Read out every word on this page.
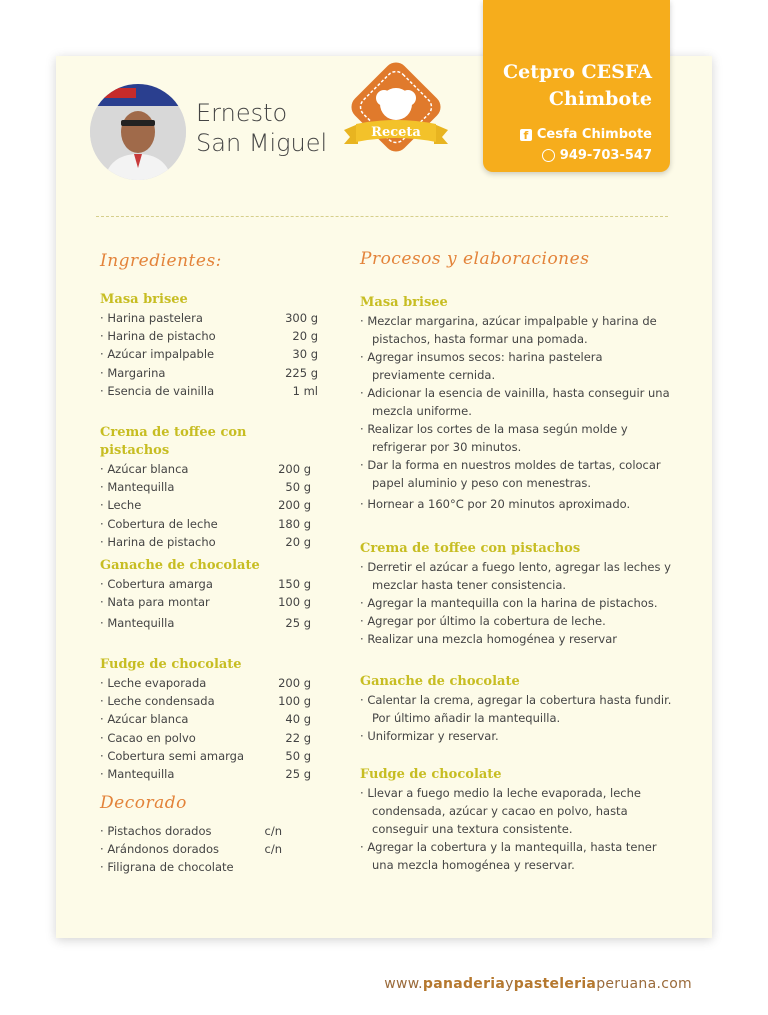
Ernesto
San Miguel	Receta
Cetpro CESFA
Chimbote
f Cesfa Chimbote
949-703-547
Ingredientes:	Procesos y elaboraciones
Masa brisee
· Harina pastelera	300 g
· Harina de pistacho	20 g
· Azúcar impalpable	30 g
· Margarina	225 g
· Esencia de vainilla	1 ml
Crema de toffee con pistachos
· Azúcar blanca	200 g
· Mantequilla	50 g
· Leche	200 g
· Cobertura de leche	180 g
· Harina de pistacho	20 g
Ganache de chocolate
· Cobertura amarga	150 g
· Nata para montar	100 g
· Mantequilla	25 g
Fudge de chocolate
· Leche evaporada	200 g
· Leche condensada	100 g
· Azúcar blanca	40 g
· Cacao en polvo	22 g
· Cobertura semi amarga	50 g
· Mantequilla	25 g
Decorado
· Pistachos dorados	c/n
· Arándonos dorados	c/n
· Filigrana de chocolate
Masa brisee
· Mezclar margarina, azúcar impalpable y harina de pistachos, hasta formar una pomada.
· Agregar insumos secos: harina pastelera previamente cernida.
· Adicionar la esencia de vainilla, hasta conseguir una mezcla uniforme.
· Realizar los cortes de la masa según molde y refrigerar por 30 minutos.
· Dar la forma en nuestros moldes de tartas, colocar papel aluminio y peso con menestras.
· Hornear a 160°C por 20 minutos aproximado.
Crema de toffee con pistachos
· Derretir el azúcar a fuego lento, agregar las leches y mezclar hasta tener consistencia.
· Agregar la mantequilla con la harina de pistachos.
· Agregar por último la cobertura de leche.
· Realizar una mezcla homogénea y reservar
Ganache de chocolate
· Calentar la crema, agregar la cobertura hasta fundir. Por último añadir la mantequilla.
· Uniformizar y reservar.
Fudge de chocolate
· Llevar a fuego medio la leche evaporada, leche condensada, azúcar y cacao en polvo, hasta conseguir una textura consistente.
· Agregar la cobertura y la mantequilla, hasta tener una mezcla homogénea y reservar.
www.panaderiaypasteleriaperuana.com
